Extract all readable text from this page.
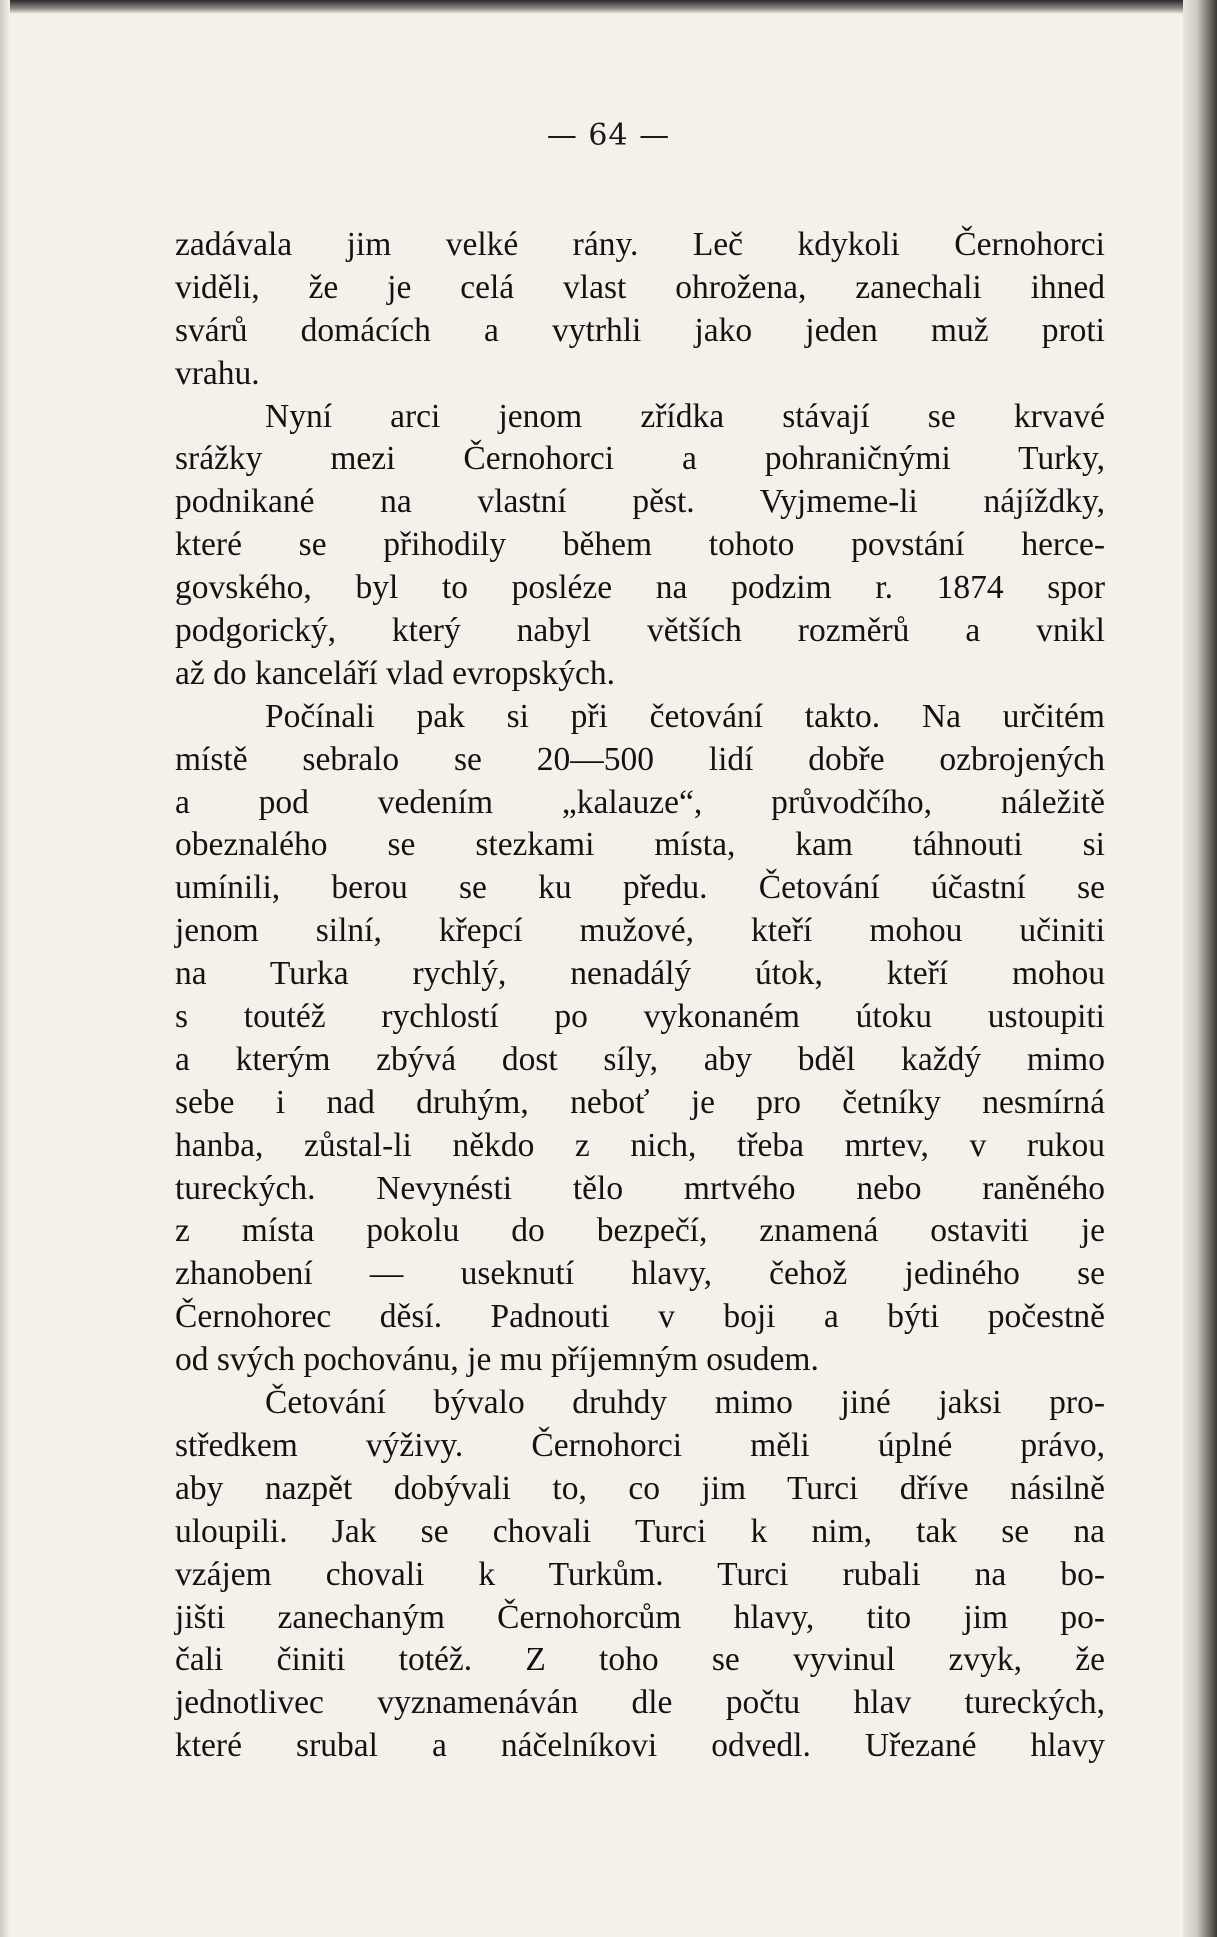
— 64 —
zadávala jim velké rány. Leč kdykoli Černohorci
viděli, že je celá vlast ohrožena, zanechali ihned
svárů domácích a vytrhli jako jeden muž proti
vrahu.
Nyní arci jenom zřídka stávají se krvavé
srážky mezi Černohorci a pohraničnými Turky,
podnikané na vlastní pěst. Vyjmeme-li nájíždky,
které se přihodily během tohoto povstání herce-
govského, byl to posléze na podzim r. 1874 spor
podgorický, který nabyl větších rozměrů a vnikl
až do kanceláří vlad evropských.
Počínali pak si při četování takto. Na určitém
místě sebralo se 20—500 lidí dobře ozbrojených
a pod vedením „kalauze“, průvodčího, náležitě
obeznalého se stezkami místa, kam táhnouti si
umínili, berou se ku předu. Četování účastní se
jenom silní, křepcí mužové, kteří mohou učiniti
na Turka rychlý, nenadálý útok, kteří mohou
s toutéž rychlostí po vykonaném útoku ustoupiti
a kterým zbývá dost síly, aby bděl každý mimo
sebe i nad druhým, neboť je pro četníky nesmírná
hanba, zůstal-li někdo z nich, třeba mrtev, v rukou
tureckých. Nevynésti tělo mrtvého nebo raněného
z místa pokolu do bezpečí, znamená ostaviti je
zhanobení — useknutí hlavy, čehož jediného se
Černohorec děsí. Padnouti v boji a býti počestně
od svých pochovánu, je mu příjemným osudem.
Četování bývalo druhdy mimo jiné jaksi pro-
středkem výživy. Černohorci měli úplné právo,
aby nazpět dobývali to, co jim Turci dříve násilně
uloupili. Jak se chovali Turci k nim, tak se na
vzájem chovali k Turkům. Turci rubali na bo-
jišti zanechaným Černohorcům hlavy, tito jim po-
čali činiti totéž. Z toho se vyvinul zvyk, že
jednotlivec vyznamenáván dle počtu hlav tureckých,
které srubal a náčelníkovi odvedl. Uřezané hlavy
